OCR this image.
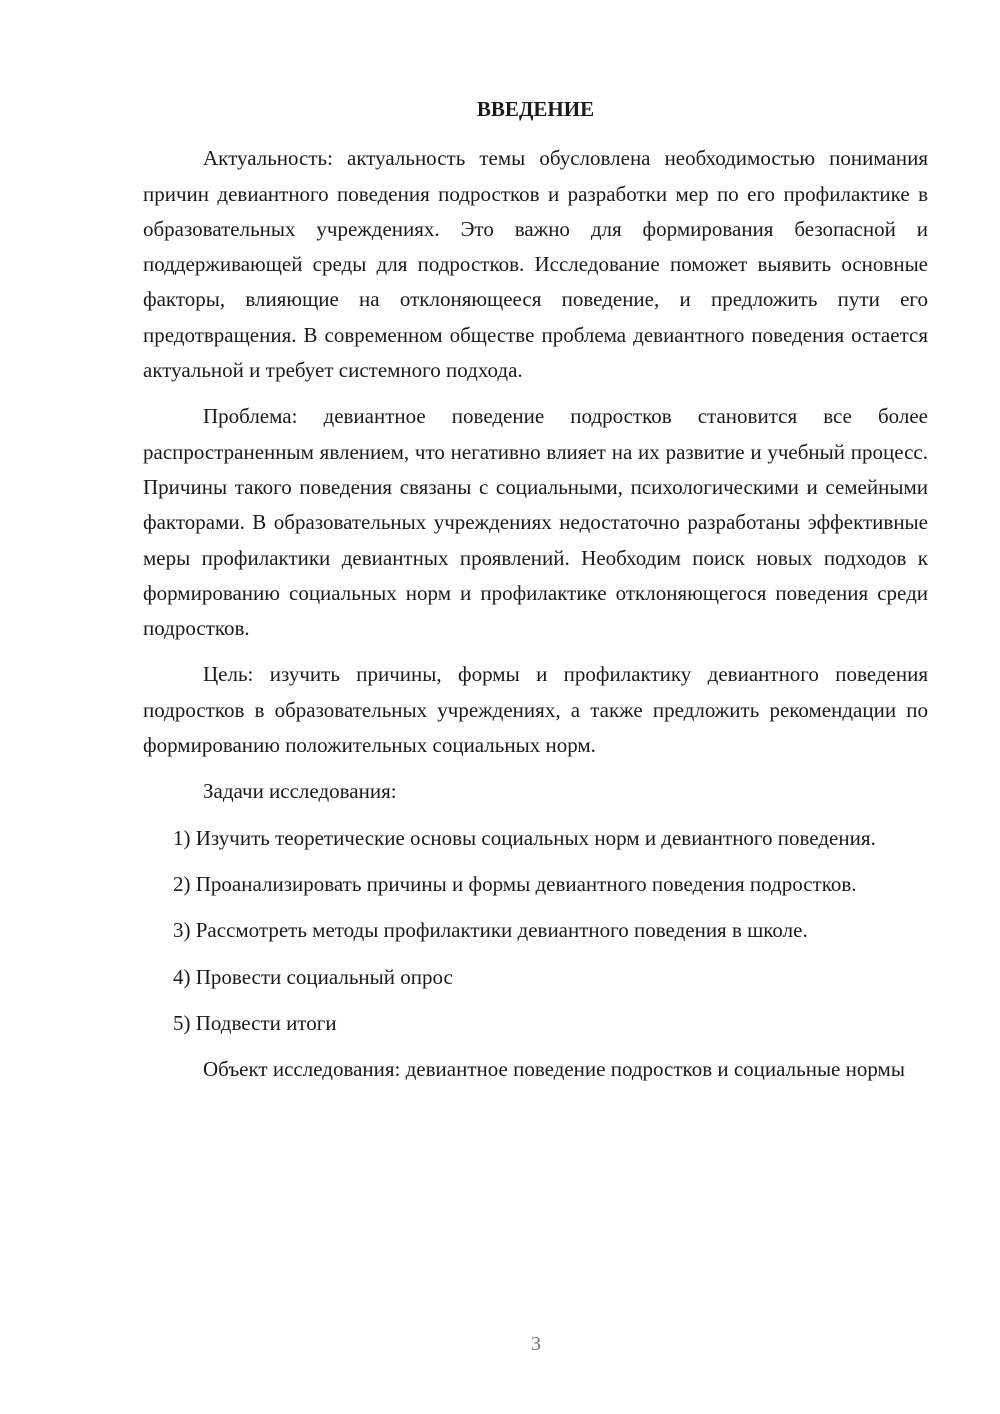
ВВЕДЕНИЕ

Актуальность: актуальность темы обусловлена необходимостью понимания причин девиантного поведения подростков и разработки мер по его профилактике в образовательных учреждениях. Это важно для формирования безопасной и поддерживающей среды для подростков. Исследование поможет выявить основные факторы, влияющие на отклоняющееся поведение, и предложить пути его предотвращения. В современном обществе проблема девиантного поведения остается актуальной и требует системного подхода.

Проблема: девиантное поведение подростков становится все более распространенным явлением, что негативно влияет на их развитие и учебный процесс. Причины такого поведения связаны с социальными, психологическими и семейными факторами. В образовательных учреждениях недостаточно разработаны эффективные меры профилактики девиантных проявлений. Необходим поиск новых подходов к формированию социальных норм и профилактике отклоняющегося поведения среди подростков.

Цель: изучить причины, формы и профилактику девиантного поведения подростков в образовательных учреждениях, а также предложить рекомендации по формированию положительных социальных норм.

Задачи исследования:

1) Изучить теоретические основы социальных норм и девиантного поведения.

2) Проанализировать причины и формы девиантного поведения подростков.

3) Рассмотреть методы профилактики девиантного поведения в школе.

4) Провести социальный опрос

5) Подвести итоги

Объект исследования: девиантное поведение подростков и социальные нормы

3
